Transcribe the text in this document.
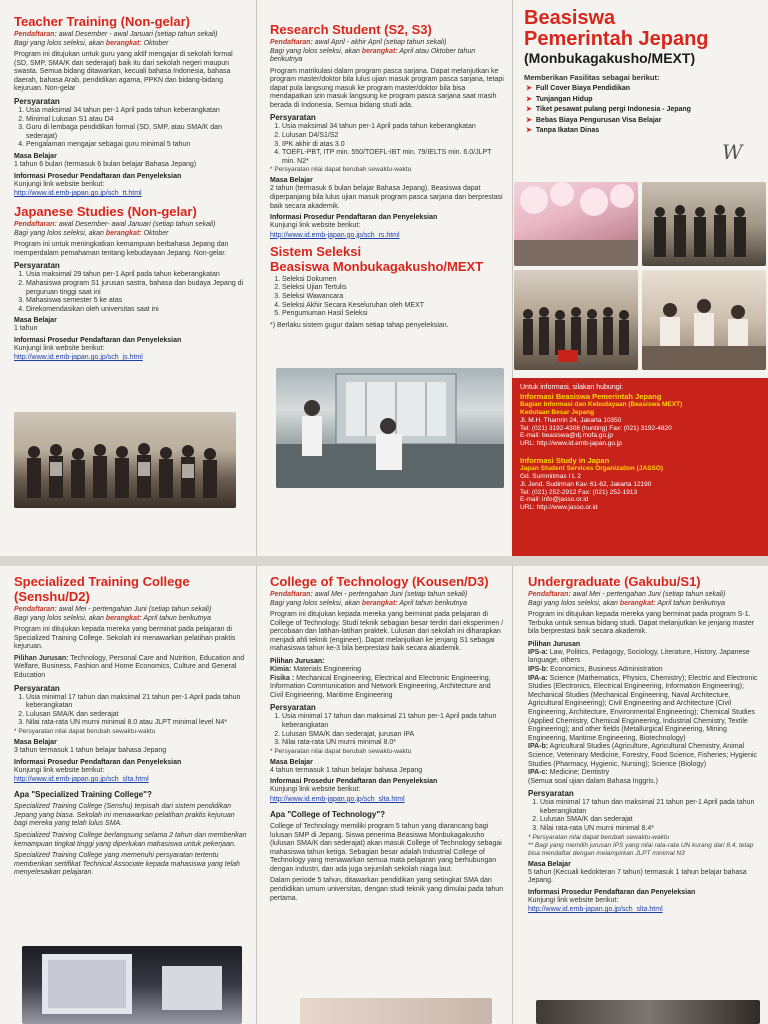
Teacher Training (Non-gelar)
Pendaftaran: awal Desember - awal Januari (setiap tahun sekali)
Bagi yang lolos seleksi, akan berangkat: Oktober
Program ini ditujukan untuk guru yang aktif mengajar di sekolah formal (SD, SMP, SMA/K dan sederajat) baik itu dari sekolah negeri maupun swasta. Semua bidang ditawarkan, kecuali bahasa Indonesia, bahasa daerah, bahasa Arab, pendidikan agama, PPKN dan bidang-bidang kejuruan. Non-gelar
Persyaratan
1. Usia maksimal 34 tahun per-1 April pada tahun keberangkatan
2. Minimal Lulusan S1 atau D4
3. Guru di lembaga pendidikan formal (SD, SMP, atau SMA/K dan sederajat)
4. Pengalaman mengajar sebagai guru minimal 5 tahun
Masa Belajar
1 tahun 6 bulan (termasuk 6 bulan belajar Bahasa Jepang)
Informasi Prosedur Pendaftaran dan Penyeleksian
Kunjungi link website berikut:
http://www.id.emb-japan.go.jp/sch_tt.html
Japanese Studies (Non-gelar)
Pendaftaran: awal Desember- awal Januari (setiap tahun sekali)
Bagi yang lolos seleksi, akan berangkat: Oktober
Program ini untuk meningkatkan kemampuan berbahasa Jepang dan memperdalam pemahaman tentang kebudayaan Jepang. Non-gelar.
Persyaratan
1. Usia maksimal 29 tahun per-1 April pada tahun keberangkatan
2. Mahasiswa program S1 jurusan sastra, bahasa dan budaya Jepang di perguruan tinggi saat ini
3. Mahasiswa semester 5 ke atas
4. Direkomendasikan oleh universitas saat ini
Masa Belajar
1 tahun
Informasi Prosedur Pendaftaran dan Penyeleksian
Kunjungi link website berikut:
http://www.id.emb-japan.go.jp/sch_js.html
Research Student (S2, S3)
Pendaftaran: awal April - akhir April (setiap tahun sekali)
Bagi yang lolos seleksi, akan berangkat: April atau Oktober tahun berikutnya
Program matrikulasi dalam program pasca sarjana. Dapat melanjutkan ke program master/doktor bila lulus ujian masuk program pasca sarjana, tetapi dapat pula langsung masuk ke program master/doktor bila bisa mendapatkan izin masuk langsung ke program pasca sarjana saat masih berada di Indonesia. Semua bidang studi ada.
Persyaratan
1. Usia maksimal 34 tahun per-1 April pada tahun keberangkatan
2. Lulusan D4/S1/S2
3. IPK akhir di atas 3.0
4. TOEFL-PBT, ITP min. 550/TOEFL-IBT min. 79/IELTS min. 6.0/JLPT min. N2*
* Persyaratan nilai dapat berubah sewaktu-waktu
Masa Belajar
2 tahun (termasuk 6 bulan belajar Bahasa Jepang). Beasiswa dapat diperpanjang bila lulus ujian masuk program pasca sarjana dan berprestasi baik secara akademik.
Informasi Prosedur Pendaftaran dan Penyeleksian
Kunjungi link website berikut:
http://www.id.emb-japan.go.jp/sch_rs.html
Sistem Seleksi
Beasiswa Monbukagakusho/MEXT
1. Seleksi Dokumen
2. Seleksi Ujian Tertulis
3. Seleksi Wawancara
4. Seleksi Akhir Secara Keseluruhan oleh MEXT
5. Pengumuman Hasil Seleksi
*) Berlaku sistem gugur dalam setiap tahap penyeleksian.
Beasiswa
Pemerintah Jepang
(Monbukagakusho/MEXT)
Memberikan Fasilitas sebagai berikut:
➤ Full Cover Biaya Pendidikan
➤ Tunjangan Hidup
➤ Tiket pesawat pulang pergi Indonesia - Jepang
➤ Bebas Biaya Pengurusan Visa Belajar
➤ Tanpa Ikatan Dinas
W
Untuk informasi, silakan hubungi:
Informasi Beasiswa Pemerintah Jepang
Bagian Informasi dan Kebudayaan (Beasiswa MEXT)
Kedutaan Besar Jepang
Jl. M.H. Thamrin 24, Jakarta 10350
Tel: (021) 3192-4308 (hunting) Fax: (021) 3192-4820
E-mail: beasiswa@dj.mofa.go.jp
URL: http://www.id.emb-japan.go.jp
Informasi Study in Japan
Japan Student Services Organization (JASSO)
Gd. Summitmas I L 2
Jl. Jend. Sudirman Kav. 61-62, Jakarta 12190
Tel: (021) 252-2912 Fax: (021) 252-1913
E-mail: info@jasso.or.id
URL: http://www.jasso.or.id
Specialized Training College (Senshu/D2)
Pendaftaran: awal Mei - pertengahan Juni (setiap tahun sekali)
Bagi yang lolos seleksi, akan berangkat: April tahun berikutnya
Program ini ditujukan kepada mereka yang berminat pada pelajaran di Specialized Training College. Sekolah ini menawarkan pelatihan praktis kejuruan.
Pilihan Jurusan: Technology, Personal Care and Nutrition, Education and Welfare, Business, Fashion and Home Economics, Culture and General Education
Persyaratan
1. Usia minimal 17 tahun dan maksimal 21 tahun per-1 April pada tahun keberangkatan
2. Lulusan SMA/K dan sederajat
3. Nilai rata-rata UN murni minimal 8.0 atau JLPT minimal level N4*
* Persyaratan nilai dapat berubah sewaktu-waktu
Masa Belajar
3 tahun termasuk 1 tahun belajar bahasa Jepang
Informasi Prosedur Pendaftaran dan Penyeleksian
Kunjungi link website berikut:
http://www.id.emb-japan.go.jp/sch_slta.html
Apa "Specialized Training College"?
Specialized Training College (Senshu) terpisah dari sistem pendidikan Jepang yang biasa. Sekolah ini menawarkan pelatihan praktis kejuruan bagi mereka yang telah lulus SMA.
Specialized Training College berlangsung selama 2 tahun dan memberikan kemampuan tingkat tinggi yang diperlukan mahasiswa untuk pekerjaan.
Specialized Training College yang memenuhi persyaratan tertentu memberikan sertifikat Technical Associate kepada mahasiswa yang telah menyelesaikan pelajaran.
College of Technology (Kousen/D3)
Pendaftaran: awal Mei - pertengahan Juni (setiap tahun sekali)
Bagi yang lolos seleksi, akan berangkat: April tahun berikutnya
Program ini ditujukan kepada mereka yang berminat pada pelajaran di College of Technology. Studi teknik sebagian besar terdiri dari eksperimen / percobaan dan latihan-latihan praktek. Lulusan dari sekolah ini diharapkan menjadi ahli teknik (engineer). Dapat melanjutkan ke jenjang S1 sebagai mahasiswa tahun ke-3 bila berprestasi baik secara akademik.
Pilihan Jurusan:
Kimia: Materials Engineering
Fisika : Mechanical Engineering, Electrical and Electronic Engineering, Information Communication and Network Engineering, Architecture and Civil Engineering, Maritime Engineering
Persyaratan
1. Usia minimal 17 tahun dan maksimal 21 tahun per-1 April pada tahun keberangkatan
2. Lulusan SMA/K dan sederajat, jurusan IPA
3. Nilai rata-rata UN murni minimal 8.0*
* Persyaratan nilai dapat berubah sewaktu-waktu
Masa Belajar
4 tahun termasuk 1 tahun belajar bahasa Jepang
Informasi Prosedur Pendaftaran dan Penyeleksian
Kunjungi link website berikut:
http://www.id.emb-japan.go.jp/sch_slta.html
Apa "College of Technology"?
College of Technology memiliki program 5 tahun yang diarancang bagi lulusan SMP di Jepang. Siswa penerima Beasiswa Monbukagakusho (lulusan SMA/K dan sederajat) akan masuk College of Technology sebagai mahasiswa tahun ketiga. Sebagian besar adalah Industrial College of Technology yang menawarkan semua mata pelajaran yang berhubungan dengan industri, dan ada juga sejumlah sekolah niaga laut.
Dalam periode 5 tahun, ditawarkan pendidikan yang setingkat SMA dan pendidikan umum universitas, dengan studi teknik yang dimulai pada tahun pertama.
Undergraduate (Gakubu/S1)
Pendaftaran: awal Mei - pertengahan Juni (setiap tahun sekali)
Bagi yang lolos seleksi, akan berangkat: April tahun berikutnya
Program ini ditujukan kepada mereka yang berminat pada program S-1. Terbuka untuk semua bidang studi. Dapat melanjutkan ke jenjang master bila berprestasi baik secara akademik.
Pilihan Jurusan
IPS-a: Law, Politics, Pedagogy, Sociology, Literature, History, Japanese language, others
IPS-b: Economics, Business Administration
IPA-a: Science (Mathematics, Physics, Chemistry); Electric and Electronic Studies (Electronics, Electrical Engineering, Information Engineering); Mechanical Studies (Mechanical Engineering, Naval Architecture, Agricultural Engineering); Civil Engineering and Architecture (Civil Engineering, Architecture, Environmental Engineering); Chemical Studies (Applied Chemistry, Chemical Engineering, Industrial Chemistry, Textile Engineering); and other fields (Metallurgical Engineering, Mining Engineering, Maritime Engineering, Biotechnology)
IPA-b: Agricultural Studies (Agriculture, Agricultural Chemistry, Animal Science, Veterinary Medicine, Forestry, Food Science, Fisheries; Hygienic Studies (Pharmacy, Hygienic, Nursing); Science (Biology)
IPA-c: Medicine; Dentistry
(Semua soal ujian dalam Bahasa Inggris.)
Persyaratan
1. Usia minimal 17 tahun dan maksimal 21 tahun per-1 April pada tahun keberangkatan
2. Lulusan SMA/K dan sederajat
3. Nilai rata-rata UN murni minimal 8.4*
* Persyaratan nilai dapat berubah sewaktu-waktu
** Bagi yang memilih jurusan IPS yang nilai rata-rata UN kurang dari 8.4, tetap bisa mendaftar dengan melampirkan JLPT minimal N3
Masa Belajar
5 tahun (Kecuali kedokteran 7 tahun) termasuk 1 tahun belajar bahasa Jepang.
Informasi Prosedur Pendaftaran dan Penyeleksian
Kunjungi link website berikut:
http://www.id.emb-japan.go.jp/sch_slta.html
